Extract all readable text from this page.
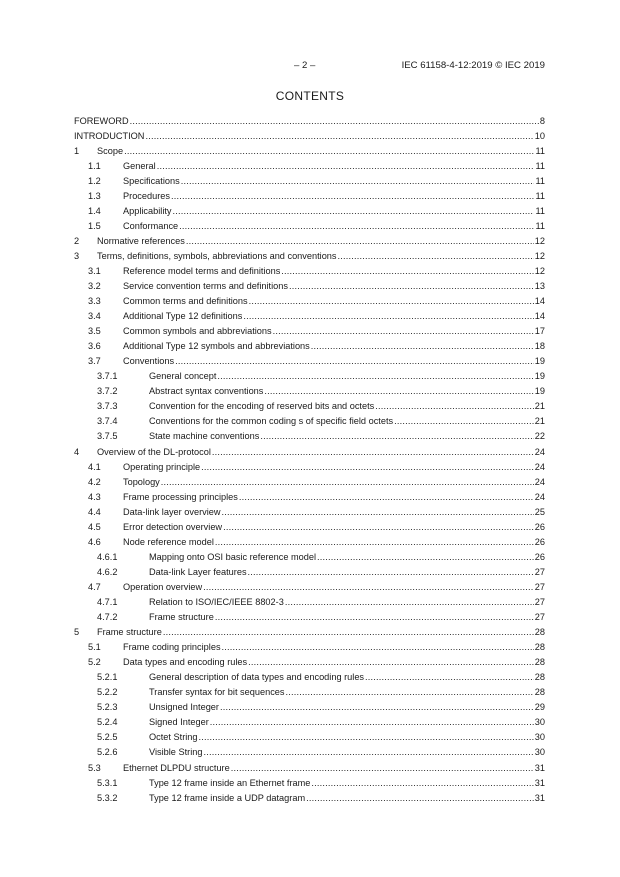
– 2 –	IEC 61158-4-12:2019 © IEC 2019
CONTENTS
FOREWORD .....	8
INTRODUCTION .....	10
1	Scope .....	11
1.1	General .....	11
1.2	Specifications .....	11
1.3	Procedures .....	11
1.4	Applicability .....	11
1.5	Conformance .....	11
2	Normative references .....	12
3	Terms, definitions, symbols, abbreviations and conventions .....	12
3.1	Reference model terms and definitions .....	12
3.2	Service convention terms and definitions .....	13
3.3	Common terms and definitions .....	14
3.4	Additional Type 12 definitions .....	14
3.5	Common symbols and abbreviations .....	17
3.6	Additional Type 12 symbols and abbreviations .....	18
3.7	Conventions .....	19
3.7.1	General concept .....	19
3.7.2	Abstract syntax conventions .....	19
3.7.3	Convention for the encoding of reserved bits and octets .....	21
3.7.4	Conventions for the common coding s of specific field octets .....	21
3.7.5	State machine conventions .....	22
4	Overview of the DL-protocol .....	24
4.1	Operating principle .....	24
4.2	Topology .....	24
4.3	Frame processing principles .....	24
4.4	Data-link layer overview .....	25
4.5	Error detection overview .....	26
4.6	Node reference model .....	26
4.6.1	Mapping onto OSI basic reference model .....	26
4.6.2	Data-link Layer features .....	27
4.7	Operation overview .....	27
4.7.1	Relation to ISO/IEC/IEEE 8802-3 .....	27
4.7.2	Frame structure .....	27
5	Frame structure .....	28
5.1	Frame coding principles .....	28
5.2	Data types and encoding rules .....	28
5.2.1	General description of data types and encoding rules .....	28
5.2.2	Transfer syntax for bit sequences .....	28
5.2.3	Unsigned Integer .....	29
5.2.4	Signed Integer .....	30
5.2.5	Octet String .....	30
5.2.6	Visible String .....	30
5.3	Ethernet DLPDU structure .....	31
5.3.1	Type 12 frame inside an Ethernet frame .....	31
5.3.2	Type 12 frame inside a UDP datagram .....	31
